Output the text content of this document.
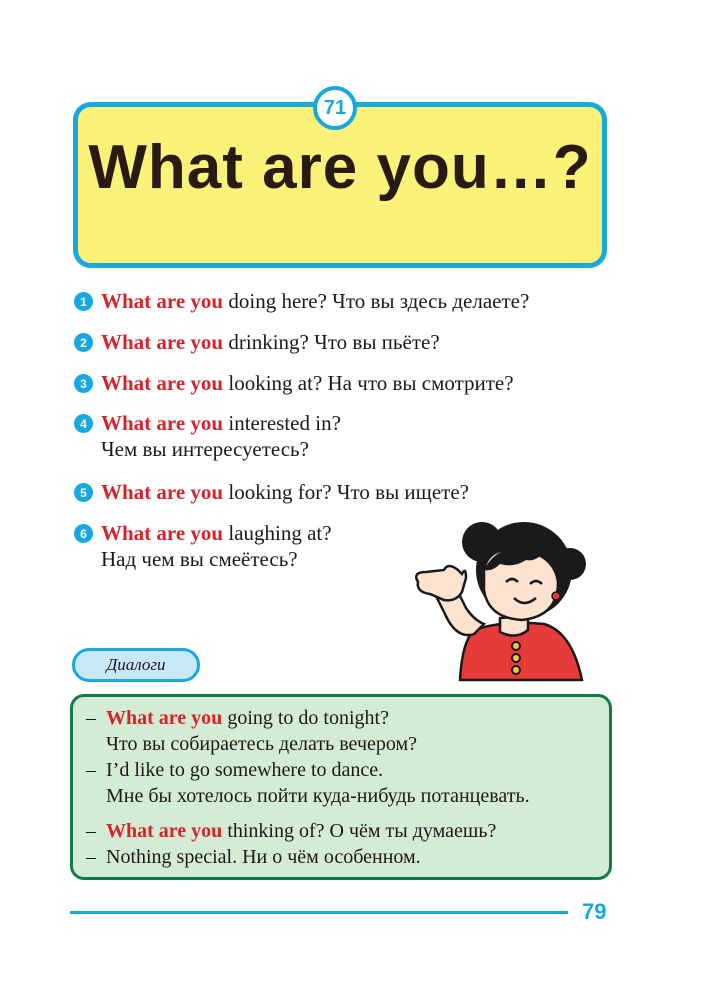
71
What are you…?
1 What are you doing here? Что вы здесь делаете?
2 What are you drinking? Что вы пьёте?
3 What are you looking at? На что вы смотрите?
4 What are you interested in?
Чем вы интересуетесь?
5 What are you looking for? Что вы ищете?
6 What are you laughing at?
Над чем вы смеётесь?
Диалоги
– What are you going to do tonight?
Что вы собираетесь делать вечером?
– I’d like to go somewhere to dance.
Мне бы хотелось пойти куда-нибудь потанцевать.
– What are you thinking of? О чём ты думаешь?
– Nothing special. Ни о чём особенном.
79
